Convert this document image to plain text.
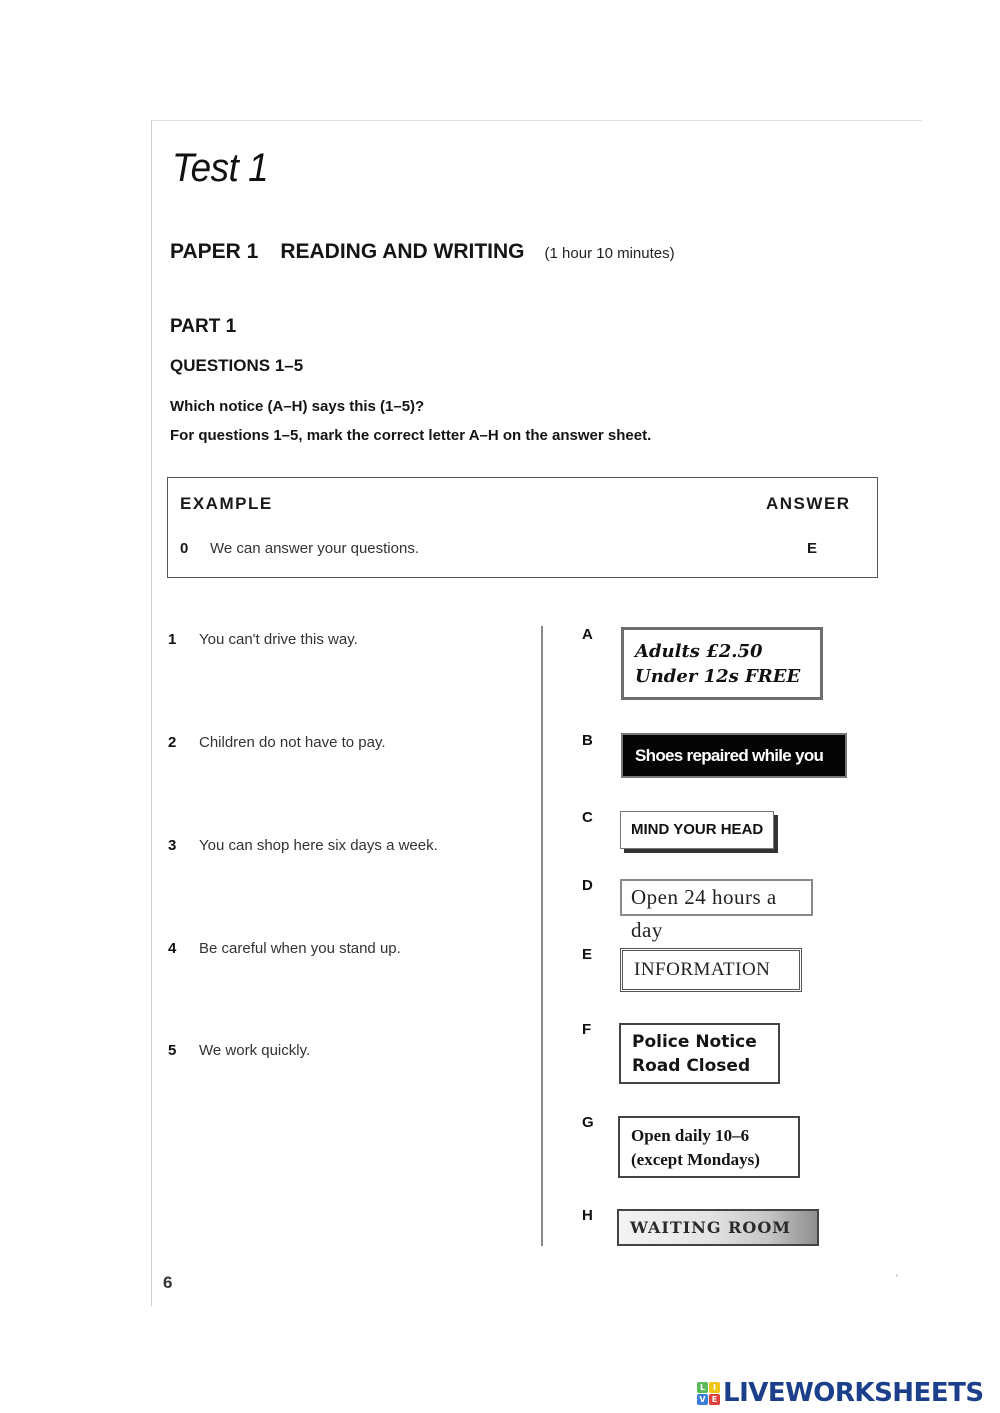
Test 1
PAPER 1 READING AND WRITING (1 hour 10 minutes)
PART 1
QUESTIONS 1–5
Which notice (A–H) says this (1–5)?
For questions 1–5, mark the correct letter A–H on the answer sheet.
EXAMPLE	ANSWER
0 We can answer your questions.	E
1 You can't drive this way.
2 Children do not have to pay.
3 You can shop here six days a week.
4 Be careful when you stand up.
5 We work quickly.
A
B
C
D
E
F
G
H
Adults £2.50
Under 12s FREE
Shoes repaired while you wait
MIND YOUR HEAD
Open 24 hours a day
INFORMATION
Police Notice
Road Closed
Open daily 10–6
(except Mondays)
WAITING ROOM
6	'
L I
V E LIVEWORKSHEETS
